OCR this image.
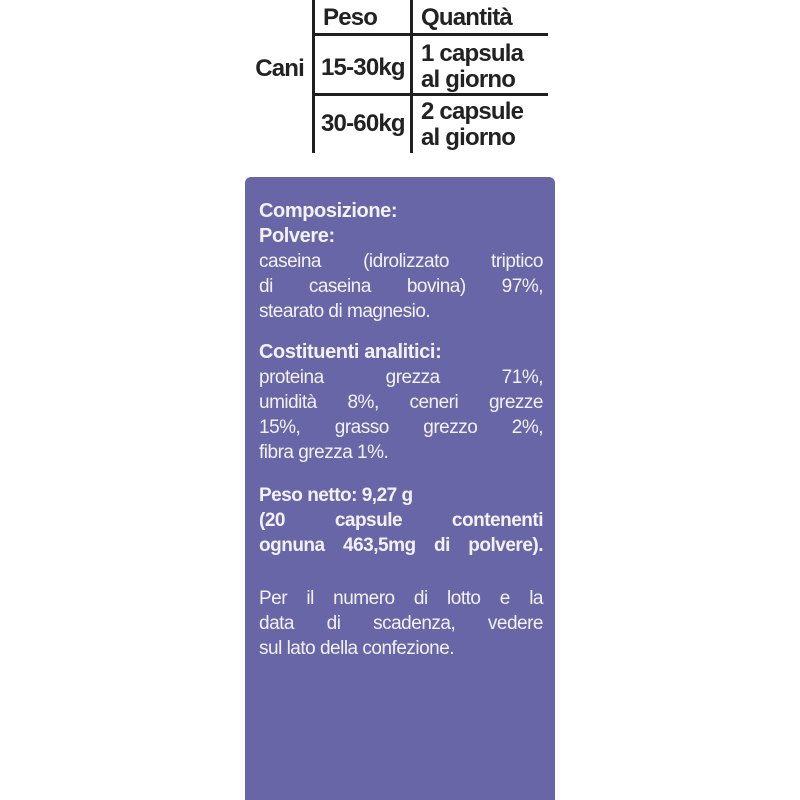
Peso Quantità
Cani 15-30kg
1 capsula
al giorno
30-60kg 2 capsule
al giorno
Composizione:
Polvere:
caseina (idrolizzato triptico
di caseina bovina) 97%,
stearato di magnesio.
Costituenti analitici:
proteina grezza 71%,
umidità 8%, ceneri grezze
15%, grasso grezzo 2%,
fibra grezza 1%.
Peso netto: 9,27 g
(20 capsule contenenti
ognuna 463,5mg di polvere).
Per il numero di lotto e la
data di scadenza, vedere
sul lato della confezione.
